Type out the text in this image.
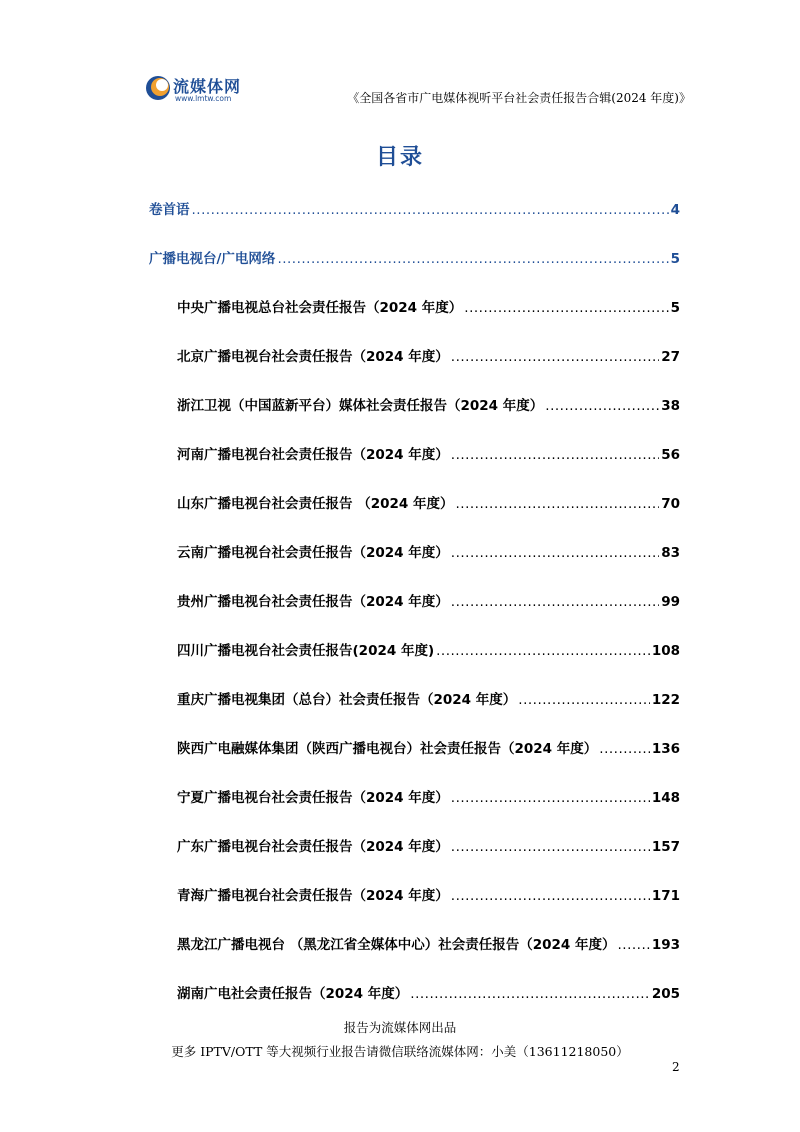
流媒体网
www.lmtw.com	《全国各省市广电媒体视听平台社会责任报告合辑(2024 年度)》
目录
卷首语 .....	4
广播电视台/广电网络 .....	5
中央广播电视总台社会责任报告（2024 年度） .....	5
北京广播电视台社会责任报告（2024 年度） .....	27
浙江卫视（中国蓝新平台）媒体社会责任报告（2024 年度） .....	38
河南广播电视台社会责任报告（2024 年度） .....	56
山东广播电视台社会责任报告 （2024 年度） .....	70
云南广播电视台社会责任报告（2024 年度） .....	83
贵州广播电视台社会责任报告（2024 年度） .....	99
四川广播电视台社会责任报告(2024 年度) .....	108
重庆广播电视集团（总台）社会责任报告（2024 年度） .....	122
陕西广电融媒体集团（陕西广播电视台）社会责任报告（2024 年度） .....	136
宁夏广播电视台社会责任报告（2024 年度） .....	148
广东广播电视台社会责任报告（2024 年度） .....	157
青海广播电视台社会责任报告（2024 年度） .....	171
黑龙江广播电视台 （黑龙江省全媒体中心）社会责任报告（2024 年度） .....	193
湖南广电社会责任报告（2024 年度） .....	205
报告为流媒体网出品
更多 IPTV/OTT 等大视频行业报告请微信联络流媒体网：小美（13611218050）
2
